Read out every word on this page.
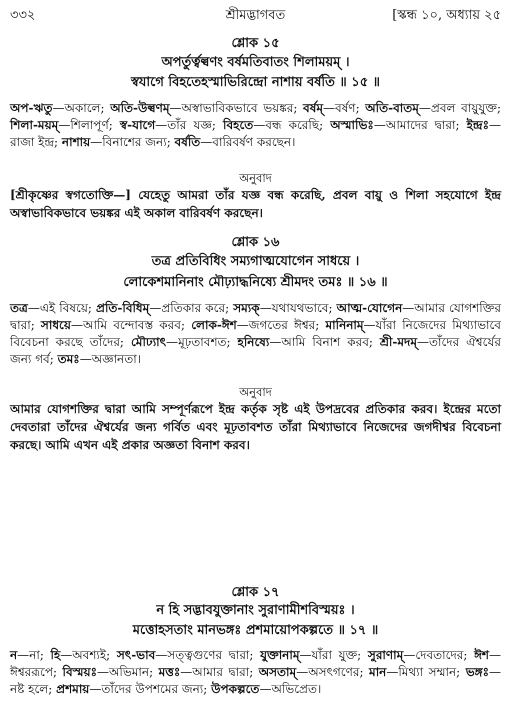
৩৩২	শ্রীমদ্ভাগবত	[স্কন্ধ ১০, অধ্যায় ২৫
শ্লোক ১৫
অপর্তুর্ত্বল্বণং বর্ষমতিবাতং শিলাময়ম্ ।
স্বযাগে বিহতেহস্মাভিরিন্দ্রো নাশায় বর্ষতি ॥ ১৫ ॥
অপ-ঋতু—অকালে; অতি-উল্বণম্—অস্বাভাবিকভাবে ভয়ঙ্কর; বর্ষম্—বর্ষণ; অতি-বাতম্—প্রবল বায়ুযুক্ত; শিলা-ময়ম্—শিলাপূর্ণ; স্ব-যাগে—তাঁর যজ্ঞ; বিহতে—বন্ধ করেছি; অস্মাভিঃ—আমাদের দ্বারা; ইন্দ্রঃ—রাজা ইন্দ্র; নাশায়—বিনাশের জন্য; বর্ষতি—বারিবর্ষণ করছেন।
অনুবাদ
[শ্রীকৃষ্ণের স্বগতোক্তি—] যেহেতু আমরা তাঁর যজ্ঞ বন্ধ করেছি, প্রবল বায়ু ও শিলা সহযোগে ইন্দ্র অস্বাভাবিকভাবে ভয়ঙ্কর এই অকাল বারিবর্ষণ করছেন।
শ্লোক ১৬
তত্র প্রতিবিধিং সম্যগাত্মযোগেন সাধয়ে ।
লোকেশমানিনাং মৌঢ়্যাদ্ধনিষ্যে শ্রীমদং তমঃ ॥ ১৬ ॥
তত্র—এই বিষয়ে; প্রতি-বিধিম্—প্রতিকার করে; সম্যক্—যথাযথভাবে; আত্ম-যোগেন—আমার যোগশক্তির দ্বারা; সাধয়ে—আমি বন্দোবস্ত করব; লোক-ঈশ—জগতের ঈশ্বর; মানিনাম্—যাঁরা নিজেদের মিথ্যাভাবে বিবেচনা করছে তাঁদের; মৌঢ্যাৎ—মূঢ়তাবশত; হনিষ্যে—আমি বিনাশ করব; শ্রী-মদম্—তাঁদের ঐশ্বর্যের জন্য গর্ব; তমঃ—অজ্ঞানতা।
অনুবাদ
আমার যোগশক্তির দ্বারা আমি সম্পূর্ণরূপে ইন্দ্র কর্তৃক সৃষ্ট এই উপদ্রবের প্রতিকার করব। ইন্দ্রের মতো দেবতারা তাঁদের ঐশ্বর্যের জন্য গর্বিত এবং মূঢ়তাবশত তাঁরা মিথ্যাভাবে নিজেদের জগদীশ্বর বিবেচনা করছে। আমি এখন এই প্রকার অজ্ঞতা বিনাশ করব।
শ্লোক ১৭
ন হি সদ্ভাবযুক্তানাং সুরাণামীশবিস্ময়ঃ ।
মত্তোহসতাং মানভঙ্গঃ প্রশমায়োপকল্পতে ॥ ১৭ ॥
ন—না; হি—অবশ্যই; সৎ-ভাব—সত্ত্বগুণের দ্বারা; যুক্তানাম্—যাঁরা যুক্ত; সুরাণাম্—দেবতাদের; ঈশ—ঈশ্বররূপে; বিস্ময়ঃ—অভিমান; মত্তঃ—আমার দ্বারা; অসতাম্—অসৎগণের; মান—মিথ্যা সম্মান; ভঙ্গঃ—নষ্ট হলে; প্রশমায়—তাঁদের উপশমের জন্য; উপকল্পতে—অভিপ্রেত।
